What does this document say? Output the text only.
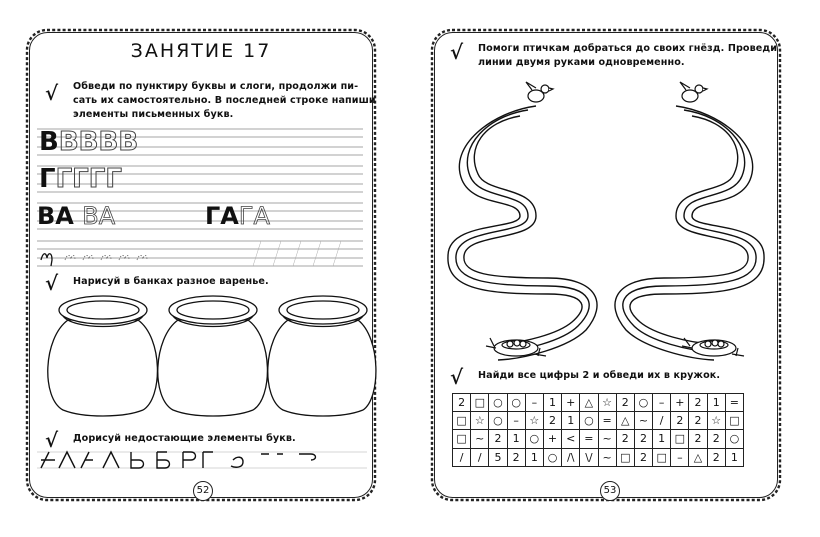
ЗАНЯТИЕ 17
√ Обведи по пунктиру буквы и слоги, продолжи пи-
сать их самостоятельно. В последней строке напиши
элементы письменных букв.
ВВВВВ
ГГГГГ
ВА ВА	ГАГА
√ Нарисуй в банках разное варенье.
√ Дорисуй недостающие элементы букв.
52
√ Помоги птичкам добраться до своих гнёзд. Проведи
линии двумя руками одновременно.
√ Найди все цифры 2 и обведи их в кружок.
2	□	○	○	–	1	+	△	☆	2	○	–	+	2	1	=
□	☆	○	–	☆	2	1	○	=	△	~	/	2	2	☆	□
□	~	2	1	○	+	<	=	~	2	2	1	□	2	2	○
/	/	5	2	1	○	/\	\/	~	□	2	□	–	△	2	1
53
